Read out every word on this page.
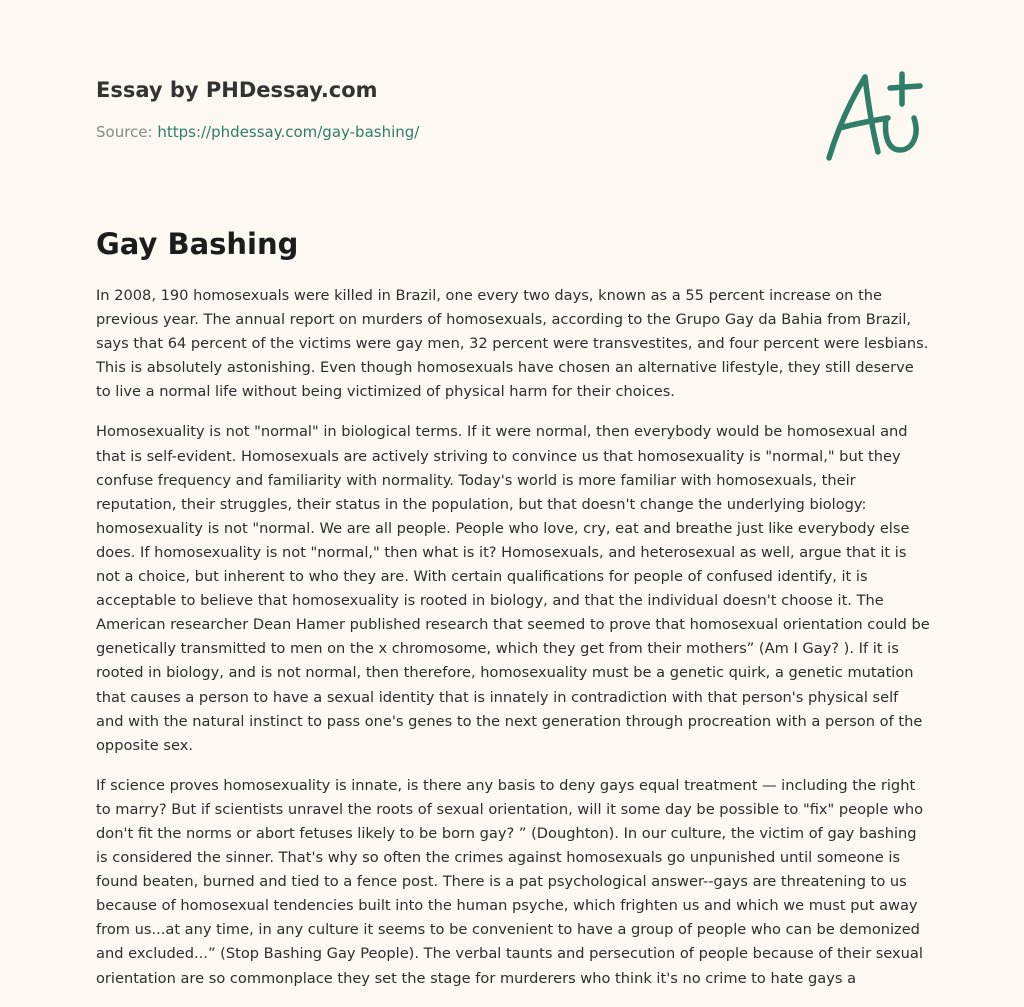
Essay by PHDessay.com
Source: https://phdessay.com/gay-bashing/
Gay Bashing

In 2008, 190 homosexuals were killed in Brazil, one every two days, known as a 55 percent increase on the previous year. The annual report on murders of homosexuals, according to the Grupo Gay da Bahia from Brazil, says that 64 percent of the victims were gay men, 32 percent were transvestites, and four percent were lesbians. This is absolutely astonishing. Even though homosexuals have chosen an alternative lifestyle, they still deserve to live a normal life without being victimized of physical harm for their choices.

Homosexuality is not "normal" in biological terms. If it were normal, then everybody would be homosexual and that is self-evident. Homosexuals are actively striving to convince us that homosexuality is "normal," but they confuse frequency and familiarity with normality. Today's world is more familiar with homosexuals, their reputation, their struggles, their status in the population, but that doesn't change the underlying biology: homosexuality is not "normal. We are all people. People who love, cry, eat and breathe just like everybody else does. If homosexuality is not "normal," then what is it? Homosexuals, and heterosexual as well, argue that it is not a choice, but inherent to who they are. With certain qualifications for people of confused identify, it is acceptable to believe that homosexuality is rooted in biology, and that the individual doesn't choose it. The American researcher Dean Hamer published research that seemed to prove that homosexual orientation could be genetically transmitted to men on the x chromosome, which they get from their mothers” (Am I Gay? ). If it is rooted in biology, and is not normal, then therefore, homosexuality must be a genetic quirk, a genetic mutation that causes a person to have a sexual identity that is innately in contradiction with that person's physical self and with the natural instinct to pass one's genes to the next generation through procreation with a person of the opposite sex.

If science proves homosexuality is innate, is there any basis to deny gays equal treatment — including the right to marry? But if scientists unravel the roots of sexual orientation, will it some day be possible to "fix" people who don't fit the norms or abort fetuses likely to be born gay? ” (Doughton). In our culture, the victim of gay bashing is considered the sinner. That's why so often the crimes against homosexuals go unpunished until someone is found beaten, burned and tied to a fence post. There is a pat psychological answer--gays are threatening to us because of homosexual tendencies built into the human psyche, which frighten us and which we must put away from us...at any time, in any culture it seems to be convenient to have a group of people who can be demonized and excluded...” (Stop Bashing Gay People). The verbal taunts and persecution of people because of their sexual orientation are so commonplace they set the stage for murderers who think it's no crime to hate gays a
